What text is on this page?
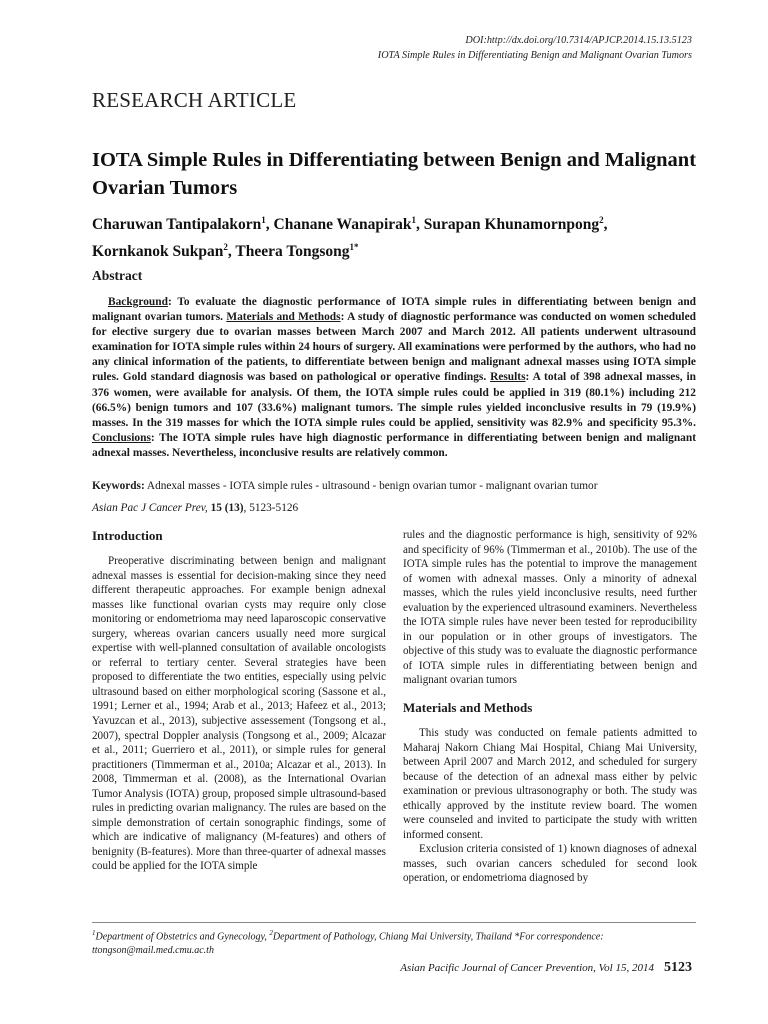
DOI:http://dx.doi.org/10.7314/APJCP.2014.15.13.5123
IOTA Simple Rules in Differentiating Benign and Malignant Ovarian Tumors
RESEARCH ARTICLE
IOTA Simple Rules in Differentiating between Benign and Malignant Ovarian Tumors
Charuwan Tantipalakorn$^1$, Chanane Wanapirak$^1$, Surapan Khunamornpong$^2$,
Kornkanok Sukpan$^2$, Theera Tongsong$^{1*}$
Abstract
Background: To evaluate the diagnostic performance of IOTA simple rules in differentiating between benign and malignant ovarian tumors. Materials and Methods: A study of diagnostic performance was conducted on women scheduled for elective surgery due to ovarian masses between March 2007 and March 2012. All patients underwent ultrasound examination for IOTA simple rules within 24 hours of surgery. All examinations were performed by the authors, who had no any clinical information of the patients, to differentiate between benign and malignant adnexal masses using IOTA simple rules. Gold standard diagnosis was based on pathological or operative findings. Results: A total of 398 adnexal masses, in 376 women, were available for analysis. Of them, the IOTA simple rules could be applied in 319 (80.1%) including 212 (66.5%) benign tumors and 107 (33.6%) malignant tumors. The simple rules yielded inconclusive results in 79 (19.9%) masses. In the 319 masses for which the IOTA simple rules could be applied, sensitivity was 82.9% and specificity 95.3%. Conclusions: The IOTA simple rules have high diagnostic performance in differentiating between benign and malignant adnexal masses. Nevertheless, inconclusive results are relatively common.
Keywords: Adnexal masses - IOTA simple rules - ultrasound - benign ovarian tumor - malignant ovarian tumor
Asian Pac J Cancer Prev, 15 (13), 5123-5126
Introduction

Preoperative discriminating between benign and malignant adnexal masses is essential for decision-making since they need different therapeutic approaches. For example benign adnexal masses like functional ovarian cysts may require only close monitoring or endometrioma may need laparoscopic conservative surgery, whereas ovarian cancers usually need more surgical expertise with well-planned consultation of available oncologists or referral to tertiary center. Several strategies have been proposed to differentiate the two entities, especially using pelvic ultrasound based on either morphological scoring (Sassone et al., 1991; Lerner et al., 1994; Arab et al., 2013; Hafeez et al., 2013; Yavuzcan et al., 2013), subjective assessement (Tongsong et al., 2007), spectral Doppler analysis (Tongsong et al., 2009; Alcazar et al., 2011; Guerriero et al., 2011), or simple rules for general practitioners (Timmerman et al., 2010a; Alcazar et al., 2013). In 2008, Timmerman et al. (2008), as the International Ovarian Tumor Analysis (IOTA) group, proposed simple ultrasound-based rules in predicting ovarian malignancy. The rules are based on the simple demonstration of certain sonographic findings, some of which are indicative of malignancy (M-features) and others of benignity (B-features). More than three-quarter of adnexal masses could be applied for the IOTA simple

rules and the diagnostic performance is high, sensitivity of 92% and specificity of 96% (Timmerman et al., 2010b). The use of the IOTA simple rules has the potential to improve the management of women with adnexal masses. Only a minority of adnexal masses, which the rules yield inconclusive results, need further evaluation by the experienced ultrasound examiners. Nevertheless the IOTA simple rules have never been tested for reproducibility in our population or in other groups of investigators. The objective of this study was to evaluate the diagnostic performance of IOTA simple rules in differentiating between benign and malignant ovarian tumors

Materials and Methods

This study was conducted on female patients admitted to Maharaj Nakorn Chiang Mai Hospital, Chiang Mai University, between April 2007 and March 2012, and scheduled for surgery because of the detection of an adnexal mass either by pelvic examination or previous ultrasonography or both. The study was ethically approved by the institute review board. The women were counseled and invited to participate the study with written informed consent.

Exclusion criteria consisted of 1) known diagnoses of adnexal masses, such ovarian cancers scheduled for second look operation, or endometrioma diagnosed by

$^1$Department of Obstetrics and Gynecology, $^2$Department of Pathology, Chiang Mai University, Thailand *For correspondence: ttongson@mail.med.cmu.ac.th
Asian Pacific Journal of Cancer Prevention, Vol 15, 2014 5123
